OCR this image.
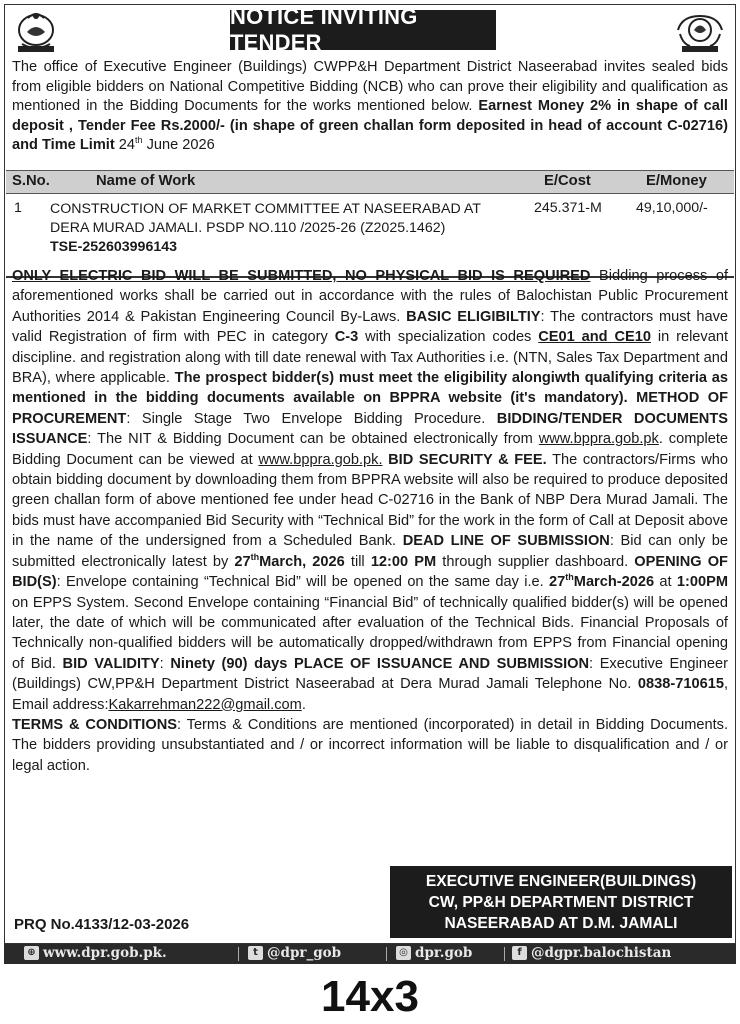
NOTICE INVITING TENDER
The office of Executive Engineer (Buildings) CWPP&H Department District Naseerabad invites sealed bids from eligible bidders on National Competitive Bidding (NCB) who can prove their eligibility and qualification as mentioned in the Bidding Documents for the works mentioned below. Earnest Money 2% in shape of call deposit , Tender Fee Rs.2000/- (in shape of green challan form deposited in head of account C-02716) and Time Limit 24th June 2026
S.No.	Name of Work	E/Cost	E/Money
1 CONSTRUCTION OF MARKET COMMITTEE AT NASEERABAD AT DERA MURAD JAMALI. PSDP NO.110 /2025-26 (Z2025.1462)
TSE-252603996143
245.371-M 49,10,000/-
ONLY ELECTRIC BID WILL BE SUBMITTED, NO PHYSICAL BID IS REQUIRED Bidding process of aforementioned works shall be carried out in accordance with the rules of Balochistan Public Procurement Authorities 2014 & Pakistan Engineering Council By-Laws. BASIC ELIGIBILTIY: The contractors must have valid Registration of firm with PEC in category C-3 with specialization codes CE01 and CE10 in relevant discipline. and registration along with till date renewal with Tax Authorities i.e. (NTN, Sales Tax Department and BRA), where applicable. The prospect bidder(s) must meet the eligibility alongiwth qualifying criteria as mentioned in the bidding documents available on BPPRA website (it's mandatory). METHOD OF PROCUREMENT: Single Stage Two Envelope Bidding Procedure. BIDDING/TENDER DOCUMENTS ISSUANCE: The NIT & Bidding Document can be obtained electronically from www.bppra.gob.pk. complete Bidding Document can be viewed at www.bppra.gob.pk. BID SECURITY & FEE. The contractors/Firms who obtain bidding document by downloading them from BPPRA website will also be required to produce deposited green challan form of above mentioned fee under head C-02716 in the Bank of NBP Dera Murad Jamali. The bids must have accompanied Bid Security with “Technical Bid” for the work in the form of Call at Deposit above in the name of the undersigned from a Scheduled Bank. DEAD LINE OF SUBMISSION: Bid can only be submitted electronically latest by 27thMarch, 2026 till 12:00 PM through supplier dashboard. OPENING OF BID(S): Envelope containing “Technical Bid” will be opened on the same day i.e. 27thMarch-2026 at 1:00PM on EPPS System. Second Envelope containing “Financial Bid” of technically qualified bidder(s) will be opened later, the date of which will be communicated after evaluation of the Technical Bids. Financial Proposals of Technically non-qualified bidders will be automatically dropped/withdrawn from EPPS from Financial opening of Bid. BID VALIDITY: Ninety (90) days PLACE OF ISSUANCE AND SUBMISSION: Executive Engineer (Buildings) CW,PP&H Department District Naseerabad at Dera Murad Jamali Telephone No. 0838-710615, Email address:Kakarrehman222@gmail.com.
TERMS & CONDITIONS: Terms & Conditions are mentioned (incorporated) in detail in Bidding Documents. The bidders providing unsubstantiated and / or incorrect information will be liable to disqualification and / or legal action.
EXECUTIVE ENGINEER(BUILDINGS)
CW, PP&H DEPARTMENT DISTRICT
NASEERABAD AT D.M. JAMALI
PRQ No.4133/12-03-2026
⊕ www.dpr.gob.pk.	t @dpr_gob	◎ dpr.gob	f @dgpr.balochistan
14x3
